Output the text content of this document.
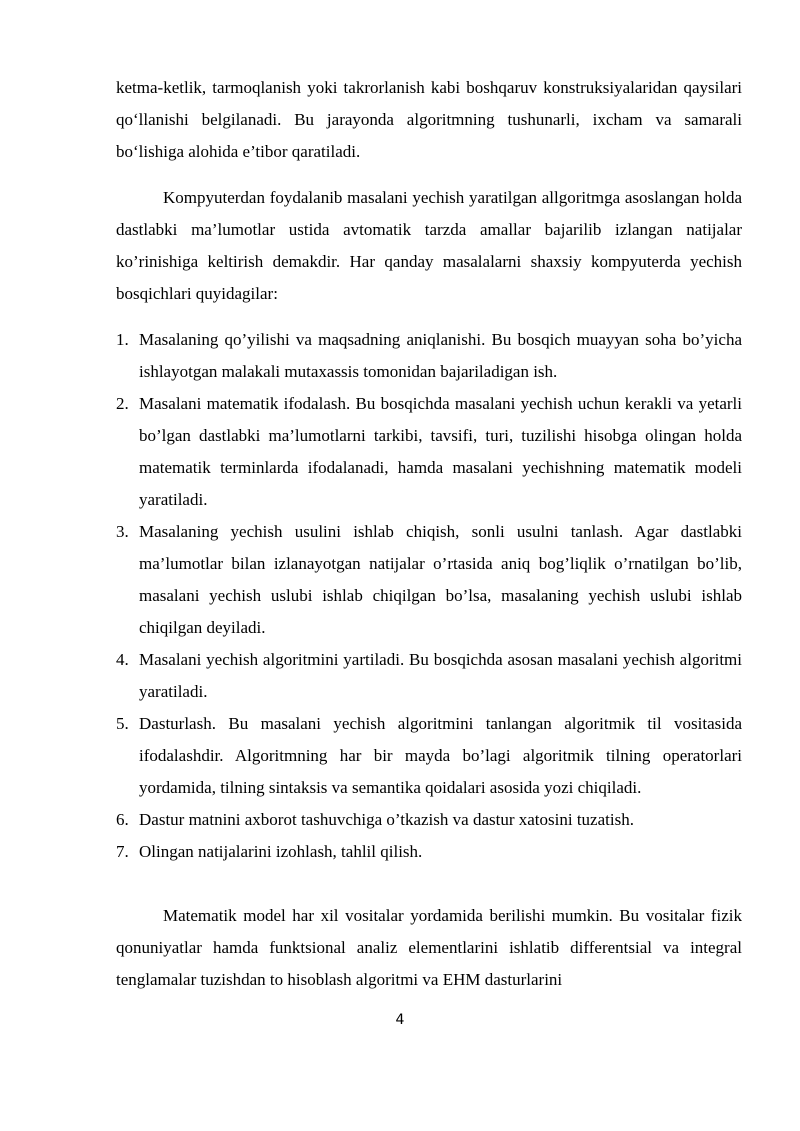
ketma-ketlik, tarmoqlanish yoki takrorlanish kabi boshqaruv konstruksiyalaridan qaysilari qo‘llanishi belgilanadi. Bu jarayonda algoritmning tushunarli, ixcham va samarali bo‘lishiga alohida e’tibor qaratiladi.

Kompyuterdan foydalanib masalani yechish yaratilgan allgoritmga asoslangan holda dastlabki ma’lumotlar ustida avtomatik tarzda amallar bajarilib izlangan natijalar ko’rinishiga keltirish demakdir. Har qanday masalalarni shaxsiy kompyuterda yechish bosqichlari quyidagilar:

1. Masalaning qo’yilishi va maqsadning aniqlanishi. Bu bosqich muayyan soha bo’yicha ishlayotgan malakali mutaxassis tomonidan bajariladigan ish.
2. Masalani matematik ifodalash. Bu bosqichda masalani yechish uchun kerakli va yetarli bo’lgan dastlabki ma’lumotlarni tarkibi, tavsifi, turi, tuzilishi hisobga olingan holda matematik terminlarda ifodalanadi, hamda masalani yechishning matematik modeli yaratiladi.
3. Masalaning yechish usulini ishlab chiqish, sonli usulni tanlash. Agar dastlabki ma’lumotlar bilan izlanayotgan natijalar o’rtasida aniq bog’liqlik o’rnatilgan bo’lib, masalani yechish uslubi ishlab chiqilgan bo’lsa, masalaning yechish uslubi ishlab chiqilgan deyiladi.
4. Masalani yechish algoritmini yartiladi. Bu bosqichda asosan masalani yechish algoritmi yaratiladi.
5. Dasturlash. Bu masalani yechish algoritmini tanlangan algoritmik til vositasida ifodalashdir. Algoritmning har bir mayda bo’lagi algoritmik tilning operatorlari yordamida, tilning sintaksis va semantika qoidalari asosida yozi chiqiladi.
6. Dastur matnini axborot tashuvchiga o’tkazish va dastur xatosini tuzatish.
7. Olingan natijalarini izohlash, tahlil qilish.

Matematik model har xil vositalar yordamida berilishi mumkin. Bu vositalar fizik qonuniyatlar hamda funktsional analiz elementlarini ishlatib differentsial va integral tenglamalar tuzishdan to hisoblash algoritmi va EHM dasturlarini

4
